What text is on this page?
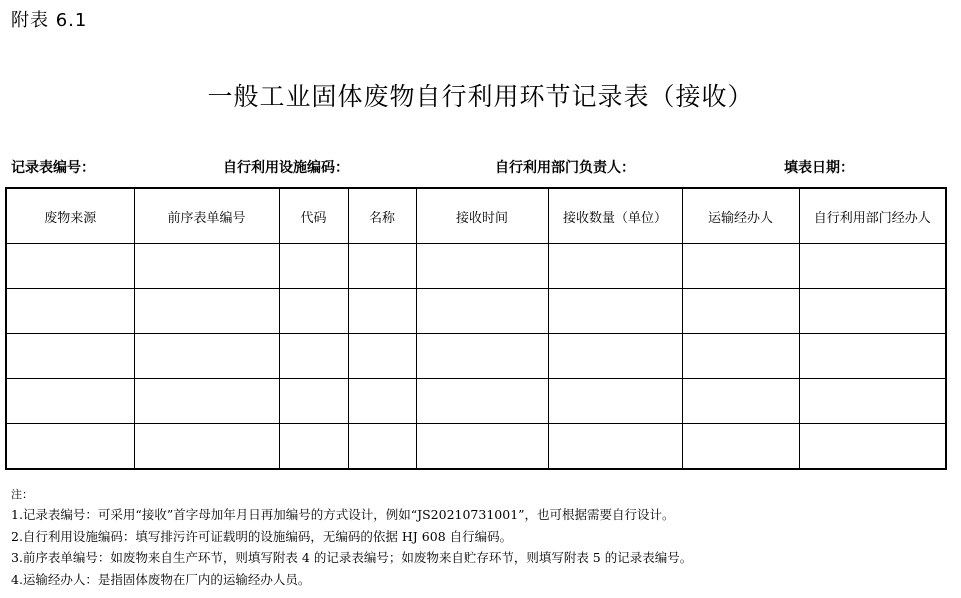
附表 6.1
一般工业固体废物自行利用环节记录表（接收）
记录表编号：	自行利用设施编码：	自行利用部门负责人：	填表日期：
废物来源	前序表单编号	代码	名称	接收时间	接收数量（单位）	运输经办人	自行利用部门经办人

注：
1.记录表编号：可采用“接收”首字母加年月日再加编号的方式设计，例如“JS20210731001”，也可根据需要自行设计。
2.自行利用设施编码：填写排污许可证载明的设施编码，无编码的依据 HJ 608 自行编码。
3.前序表单编号：如废物来自生产环节，则填写附表 4 的记录表编号；如废物来自贮存环节，则填写附表 5 的记录表编号。
4.运输经办人：是指固体废物在厂内的运输经办人员。
